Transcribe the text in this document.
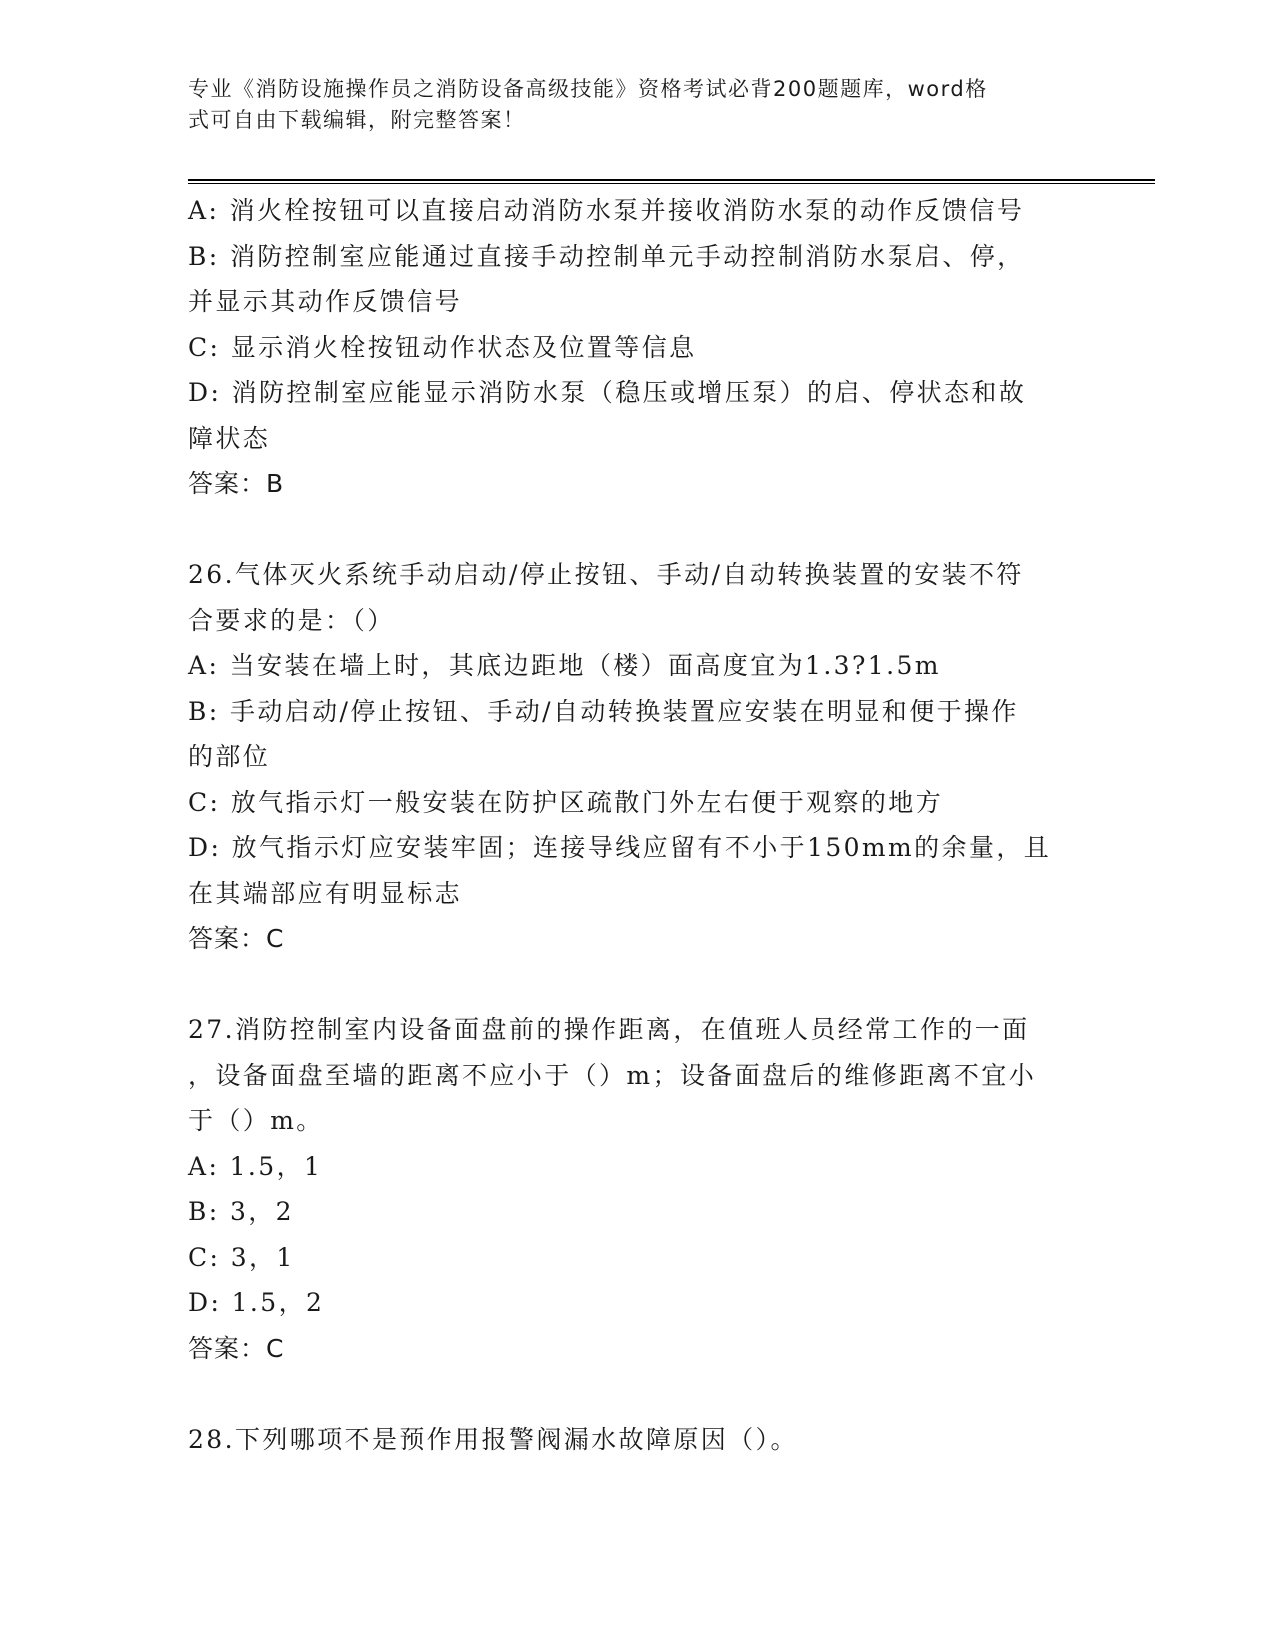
专业《消防设施操作员之消防设备高级技能》资格考试必背200题题库，word格
式可自由下载编辑，附完整答案！
A: 消火栓按钮可以直接启动消防水泵并接收消防水泵的动作反馈信号
B: 消防控制室应能通过直接手动控制单元手动控制消防水泵启、停，
并显示其动作反馈信号
C: 显示消火栓按钮动作状态及位置等信息
D: 消防控制室应能显示消防水泵（稳压或增压泵）的启、停状态和故
障状态
答案：B
26.气体灭火系统手动启动/停止按钮、手动/自动转换装置的安装不符
合要求的是：（）
A: 当安装在墙上时，其底边距地（楼）面高度宜为1.3?1.5m
B: 手动启动/停止按钮、手动/自动转换装置应安装在明显和便于操作
的部位
C: 放气指示灯一般安装在防护区疏散门外左右便于观察的地方
D: 放气指示灯应安装牢固；连接导线应留有不小于150mm的余量，且
在其端部应有明显标志
答案：C
27.消防控制室内设备面盘前的操作距离，在值班人员经常工作的一面
，设备面盘至墙的距离不应小于（）m；设备面盘后的维修距离不宜小
于（）m。
A: 1.5，1
B: 3，2
C: 3，1
D: 1.5，2
答案：C
28.下列哪项不是预作用报警阀漏水故障原因（）。
